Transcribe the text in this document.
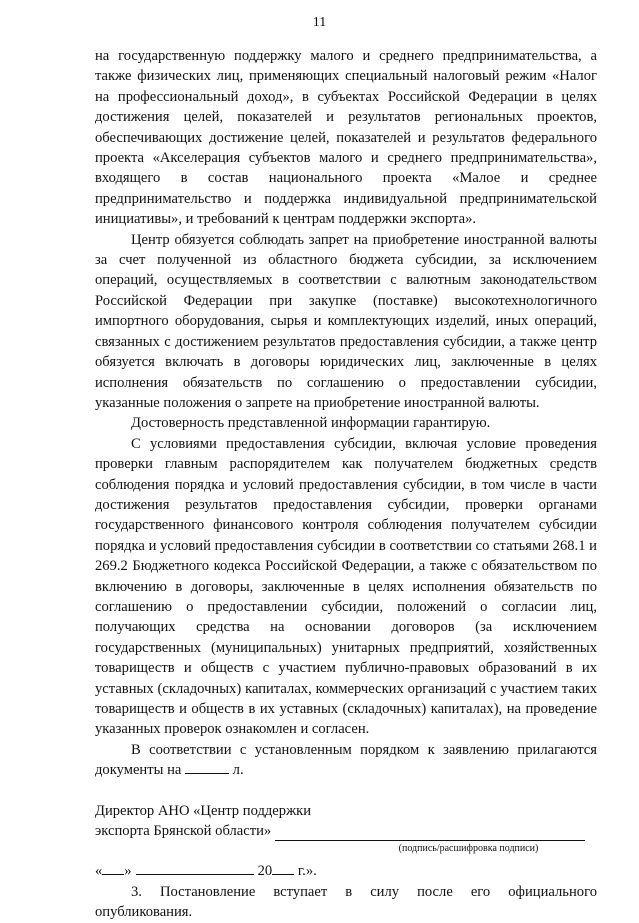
11

на государственную поддержку малого и среднего предпринимательства, а также физических лиц, применяющих специальный налоговый режим «Налог на профессиональный доход», в субъектах Российской Федерации в целях достижения целей, показателей и результатов региональных проектов, обеспечивающих достижение целей, показателей и результатов федерального проекта «Акселерация субъектов малого и среднего предпринимательства», входящего в состав национального проекта «Малое и среднее предпринимательство и поддержка индивидуальной предпринимательской инициативы», и требований к центрам поддержки экспорта».

Центр обязуется соблюдать запрет на приобретение иностранной валюты за счет полученной из областного бюджета субсидии, за исключением операций, осуществляемых в соответствии с валютным законодательством Российской Федерации при закупке (поставке) высокотехнологичного импортного оборудования, сырья и комплектующих изделий, иных операций, связанных с достижением результатов предоставления субсидии, а также центр обязуется включать в договоры юридических лиц, заключенные в целях исполнения обязательств по соглашению о предоставлении субсидии, указанные положения о запрете на приобретение иностранной валюты.

Достоверность представленной информации гарантирую.

С условиями предоставления субсидии, включая условие проведения проверки главным распорядителем как получателем бюджетных средств соблюдения порядка и условий предоставления субсидии, в том числе в части достижения результатов предоставления субсидии, проверки органами государственного финансового контроля соблюдения получателем субсидии порядка и условий предоставления субсидии в соответствии со статьями 268.1 и 269.2 Бюджетного кодекса Российской Федерации, а также с обязательством по включению в договоры, заключенные в целях исполнения обязательств по соглашению о предоставлении субсидии, положений о согласии лиц, получающих средства на основании договоров (за исключением государственных (муниципальных) унитарных предприятий, хозяйственных товариществ и обществ с участием публично-правовых образований в их уставных (складочных) капиталах, коммерческих организаций с участием таких товариществ и обществ в их уставных (складочных) капиталах), на проведение указанных проверок ознакомлен и согласен.

В соответствии с установленным порядком к заявлению прилагаются документы на	л.

Директор АНО «Центр поддержки
экспорта Брянской области»
(подпись/расшифровка подписи)
« »	20 г.».

3. Постановление вступает в силу после его официального опубликования.
